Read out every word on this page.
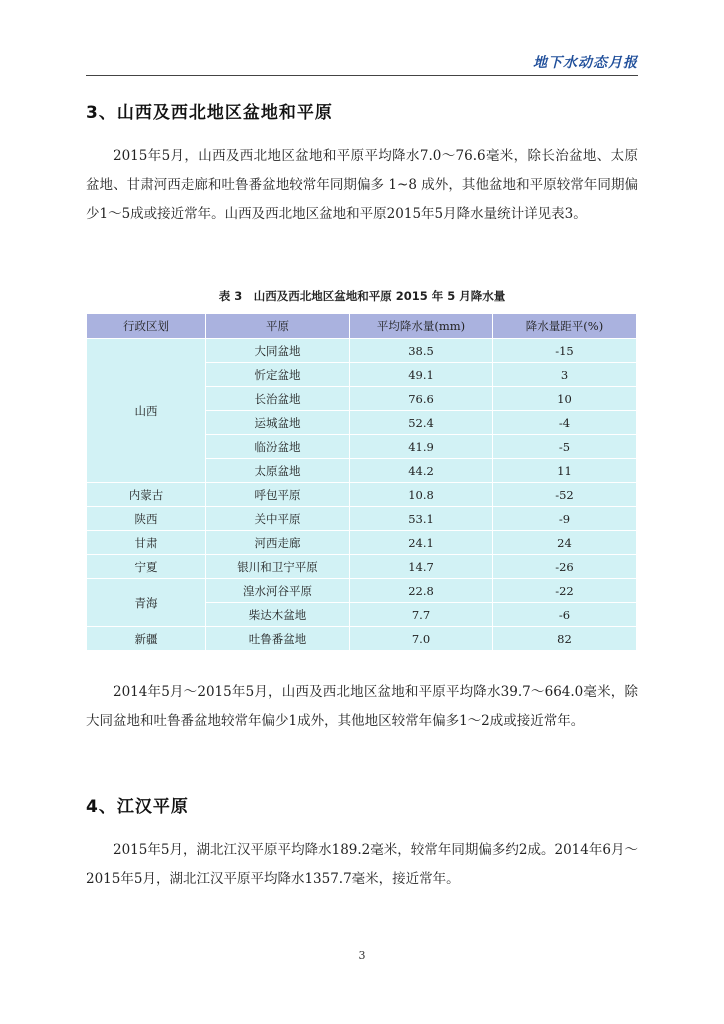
地下水动态月报
3、山西及西北地区盆地和平原
2015年5月，山西及西北地区盆地和平原平均降水7.0～76.6毫米，除长治盆地、太原盆地、甘肃河西走廊和吐鲁番盆地较常年同期偏多 1~8 成外，其他盆地和平原较常年同期偏少1～5成或接近常年。山西及西北地区盆地和平原2015年5月降水量统计详见表3。
表 3　山西及西北地区盆地和平原 2015 年 5 月降水量
行政区划	平原	平均降水量(mm)	降水量距平(%)
山西	大同盆地	38.5	-15
	忻定盆地	49.1	3
	长治盆地	76.6	10
	运城盆地	52.4	-4
	临汾盆地	41.9	-5
	太原盆地	44.2	11
内蒙古	呼包平原	10.8	-52
陕西	关中平原	53.1	-9
甘肃	河西走廊	24.1	24
宁夏	银川和卫宁平原	14.7	-26
青海	湟水河谷平原	22.8	-22
	柴达木盆地	7.7	-6
新疆	吐鲁番盆地	7.0	82
2014年5月～2015年5月，山西及西北地区盆地和平原平均降水39.7～664.0毫米，除大同盆地和吐鲁番盆地较常年偏少1成外，其他地区较常年偏多1～2成或接近常年。
4、江汉平原
2015年5月，湖北江汉平原平均降水189.2毫米，较常年同期偏多约2成。2014年6月～2015年5月，湖北江汉平原平均降水1357.7毫米，接近常年。
3
